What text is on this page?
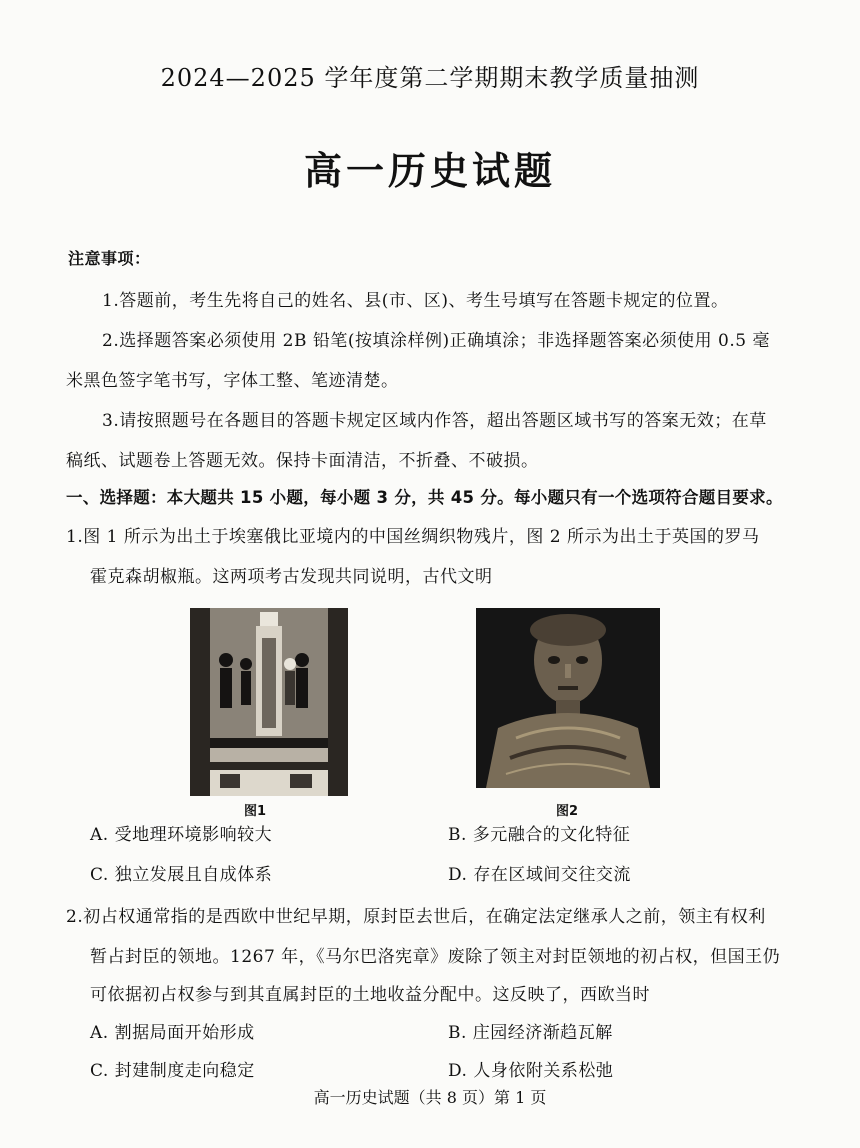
2024—2025 学年度第二学期期末教学质量抽测
高一历史试题
注意事项：
1.答题前，考生先将自己的姓名、县(市、区)、考生号填写在答题卡规定的位置。
2.选择题答案必须使用 2B 铅笔(按填涂样例)正确填涂；非选择题答案必须使用 0.5 毫
米黑色签字笔书写，字体工整、笔迹清楚。
3.请按照题号在各题目的答题卡规定区域内作答，超出答题区域书写的答案无效；在草
稿纸、试题卷上答题无效。保持卡面清洁，不折叠、不破损。
一、选择题：本大题共 15 小题，每小题 3 分，共 45 分。每小题只有一个选项符合题目要求。
1.图 1 所示为出土于埃塞俄比亚境内的中国丝绸织物残片，图 2 所示为出土于英国的罗马
霍克森胡椒瓶。这两项考古发现共同说明，古代文明
图1	图2
A. 受地理环境影响较大	B. 多元融合的文化特征
C. 独立发展且自成体系	D. 存在区域间交往交流
2.初占权通常指的是西欧中世纪早期，原封臣去世后，在确定法定继承人之前，领主有权利
暂占封臣的领地。1267 年，《马尔巴洛宪章》废除了领主对封臣领地的初占权，但国王仍
可依据初占权参与到其直属封臣的土地收益分配中。这反映了，西欧当时
A. 割据局面开始形成	B. 庄园经济渐趋瓦解
C. 封建制度走向稳定	D. 人身依附关系松弛
高一历史试题（共 8 页）第 1 页
